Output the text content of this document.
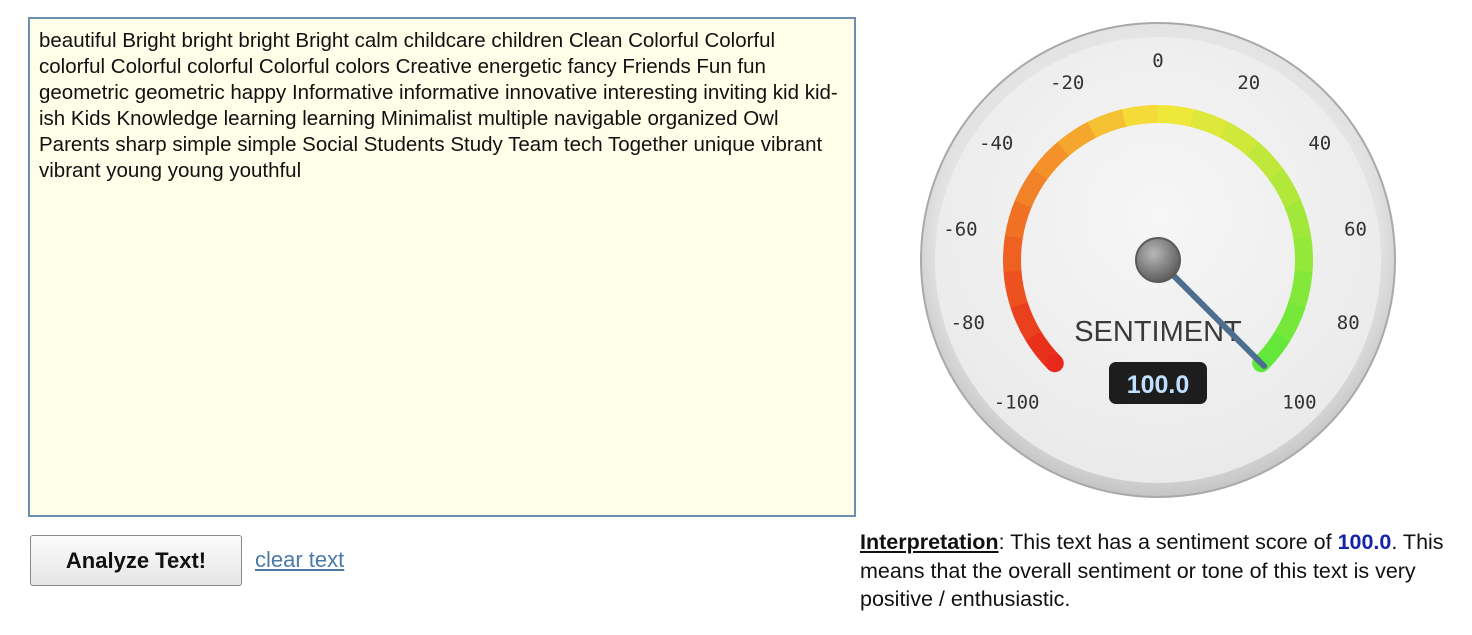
beautiful Bright bright bright Bright calm childcare children Clean Colorful Colorful colorful Colorful colorful Colorful colors Creative energetic fancy Friends Fun fun geometric geometric happy Informative informative innovative interesting inviting kid kid-ish Kids Knowledge learning learning Minimalist multiple navigable organized Owl Parents sharp simple simple Social Students Study Team tech Together unique vibrant vibrant young young youthful
Analyze Text!	clear text
-100
-80
-60
-40
-20
0
20
40
60
80
100
SENTIMENT
100.0
Interpretation: This text has a sentiment score of 100.0. This means that the overall sentiment or tone of this text is very positive / enthusiastic.
